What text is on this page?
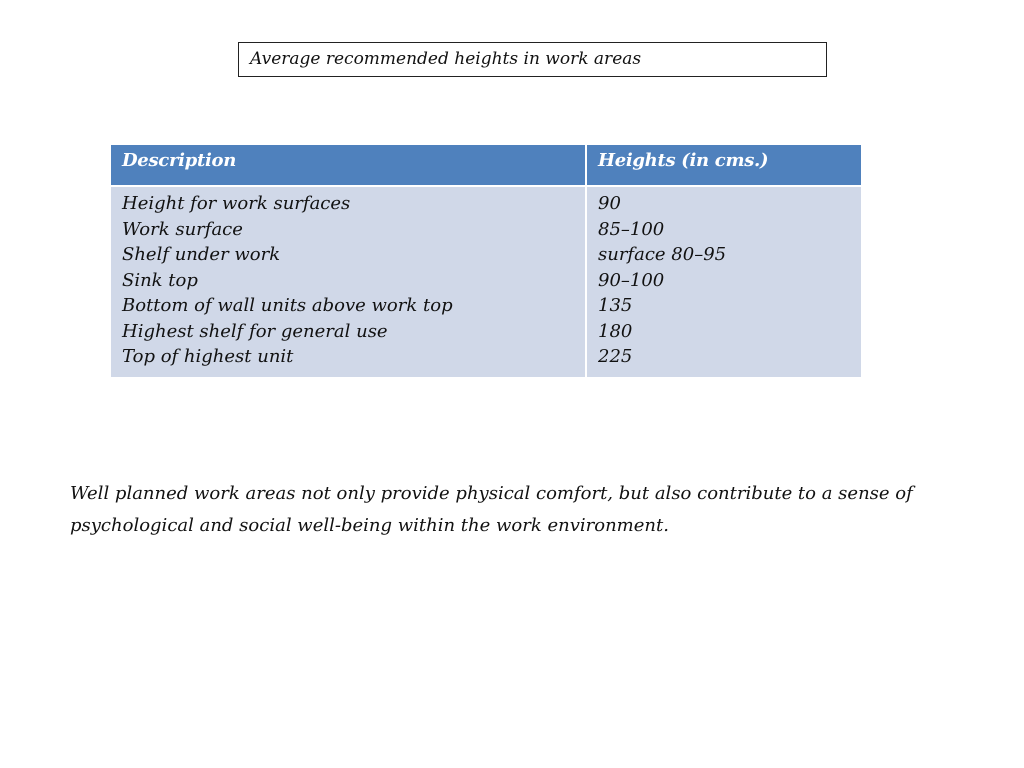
Average recommended heights in work areas
Description	Heights (in cms.)
Height for work surfaces
Work surface
Shelf under work
Sink top
Bottom of wall units above work top
Highest shelf for general use
Top of highest unit
90
85–100
surface 80–95
90–100
135
180
225
Well planned work areas not only provide physical comfort, but also contribute to a sense of
psychological and social well-being within the work environment.
